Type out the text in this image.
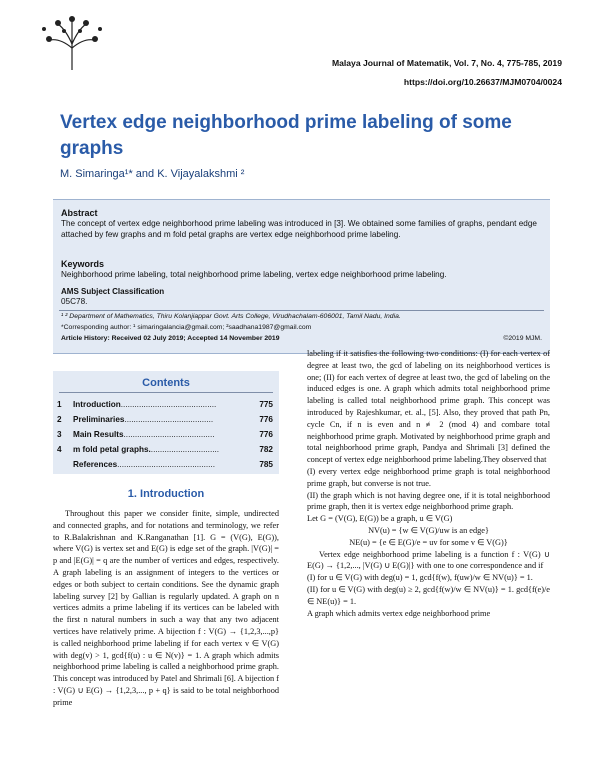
Malaya Journal of Matematik, Vol. 7, No. 4, 775-785, 2019
https://doi.org/10.26637/MJM0704/0024
Vertex edge neighborhood prime labeling of some graphs
M. Simaringa¹* and K. Vijayalakshmi ²
Abstract
The concept of vertex edge neighborhood prime labeling was introduced in [3]. We obtained some families of graphs, pendant edge attached by few graphs and m fold petal graphs are vertex edge neighborhood prime labeling.
Keywords
Neighborhood prime labeling, total neighborhood prime labeling, vertex edge neighborhood prime labeling.
AMS Subject Classification
05C78.
¹ ² Department of Mathematics, Thiru Kolanjiappar Govt. Arts College, Virudhachalam-606001, Tamil Nadu, India.
*Corresponding author: ¹ simaringalancia@gmail.com; ²saadhana1987@gmail.com
Article History: Received 02 July 2019; Accepted 14 November 2019	©2019 MJM.
Contents
1 Introduction..........................................	775
2 Preliminaries.......................................	776
3 Main Results........................................	776
4 m fold petal graphs...............................	782
References...........................................	785
1. Introduction

Throughout this paper we consider finite, simple, undirected and connected graphs, and for notations and terminology, we refer to R.Balakrishnan and K.Ranganathan [1]. G = (V(G), E(G)), where V(G) is vertex set and E(G) is edge set of the graph. |V(G)| = p and |E(G)| = q are the number of vertices and edges, respectively. A graph labeling is an assignment of integers to the vertices or edges or both subject to certain conditions. See the dynamic graph labeling survey [2] by Gallian is regularly updated. A graph on n vertices admits a prime labeling if its vertices can be labeled with the first n natural numbers in such a way that any two adjacent vertices have relatively prime. A bijection f : V(G) → {1,2,3,...,p} is called neighborhood prime labeling if for each vertex v ∈ V(G) with deg(v) > 1, gcd{f(u) : u ∈ N(v)} = 1. A graph which admits neighborhood prime labeling is called a neighborhood prime graph. This concept was introduced by Patel and Shrimali [6]. A bijection f : V(G) ∪ E(G) → {1,2,3,..., p + q} is said to be total neighborhood prime

labeling if it satisfies the following two conditions: (I) for each vertex of degree at least two, the gcd of labeling on its neighborhood vertices is one; (II) for each vertex of degree at least two, the gcd of labeling on the induced edges is one. A graph which admits total neighborhood prime labeling is called total neighborhood prime graph. This concept was introduced by Rajeshkumar, et. al., [5]. Also, they proved that path Pn, cycle Cn, if n is even and n ≢ 2 (mod 4) and combare total neighborhood prime graph. Motivated by neighborhood prime graph and total neighborhood prime graph, Pandya and Shrimali [3] defined the concept of vertex edge neighborhood prime labeling.They observed that

(I) every vertex edge neighborhood prime graph is total neighborhood prime graph, but converse is not true.

(II) the graph which is not having degree one, if it is total neighborhood prime graph, then it is vertex edge neighborhood prime graph.

Let G = (V(G), E(G)) be a graph, u ∈ V(G)

NV(u) = {w ∈ V(G)/uw is an edge}

NE(u) = {e ∈ E(G)/e = uv for some v ∈ V(G)}

Vertex edge neighborhood prime labeling is a function f : V(G) ∪ E(G) → {1,2,..., |V(G) ∪ E(G)|} with one to one correspondence and if

(I) for u ∈ V(G) with deg(u) = 1, gcd{f(w), f(uw)/w ∈ NV(u)} = 1.

(II) for u ∈ V(G) with deg(u) ≥ 2, gcd{f(w)/w ∈ NV(u)} = 1. gcd{f(e)/e ∈ NE(u)} = 1.

A graph which admits vertex edge neighborhood prime
